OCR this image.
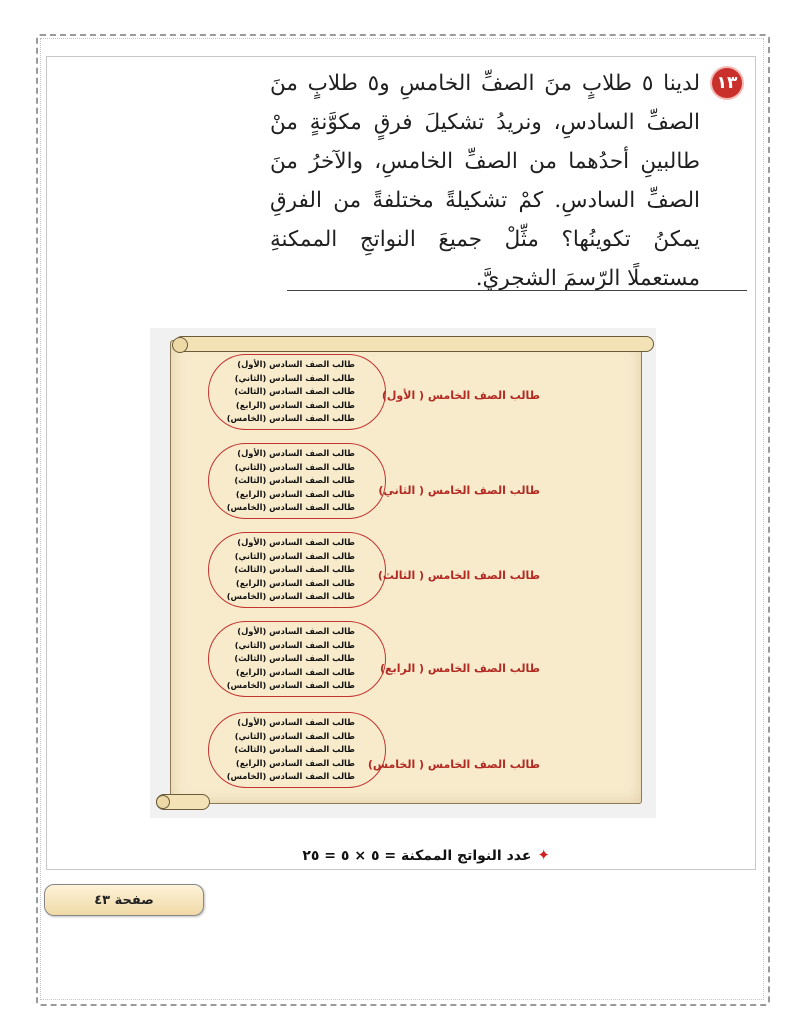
١٣
لدينا ٥ طلابٍ منَ الصفِّ الخامسِ و٥ طلابٍ منَ الصفِّ السادسِ، ونريدُ تشكيلَ فرقٍ مكوَّنةٍ منْ طالبينِ أحدُهما من الصفِّ الخامسِ، والآخرُ منَ الصفِّ السادسِ. كمْ تشكيلةً مختلفةً من الفرقِ يمكنُ تكوينُها؟ مثِّلْ جميعَ النواتجِ الممكنةِ مستعملًا الرّسمَ الشجريَّ.
طالب الصف السادس (الأول)
طالب الصف السادس (الثاني)
طالب الصف السادس (الثالث)
طالب الصف السادس (الرابع)
طالب الصف السادس (الخامس)
طالب الصف الخامس ( الأول)
طالب الصف السادس (الأول)
طالب الصف السادس (الثاني)
طالب الصف السادس (الثالث)
طالب الصف السادس (الرابع)
طالب الصف السادس (الخامس)
طالب الصف الخامس ( الثاني)
طالب الصف السادس (الأول)
طالب الصف السادس (الثاني)
طالب الصف السادس (الثالث)
طالب الصف السادس (الرابع)
طالب الصف السادس (الخامس)
طالب الصف الخامس ( الثالث)
طالب الصف السادس (الأول)
طالب الصف السادس (الثاني)
طالب الصف السادس (الثالث)
طالب الصف السادس (الرابع)
طالب الصف السادس (الخامس)
طالب الصف الخامس ( الرابع)
طالب الصف السادس (الأول)
طالب الصف السادس (الثاني)
طالب الصف السادس (الثالث)
طالب الصف السادس (الرابع)
طالب الصف السادس (الخامس)
طالب الصف الخامس ( الخامس)
✦عدد النواتج الممكنة = ٥ × ٥ = ٢٥
صفحة ٤٣
